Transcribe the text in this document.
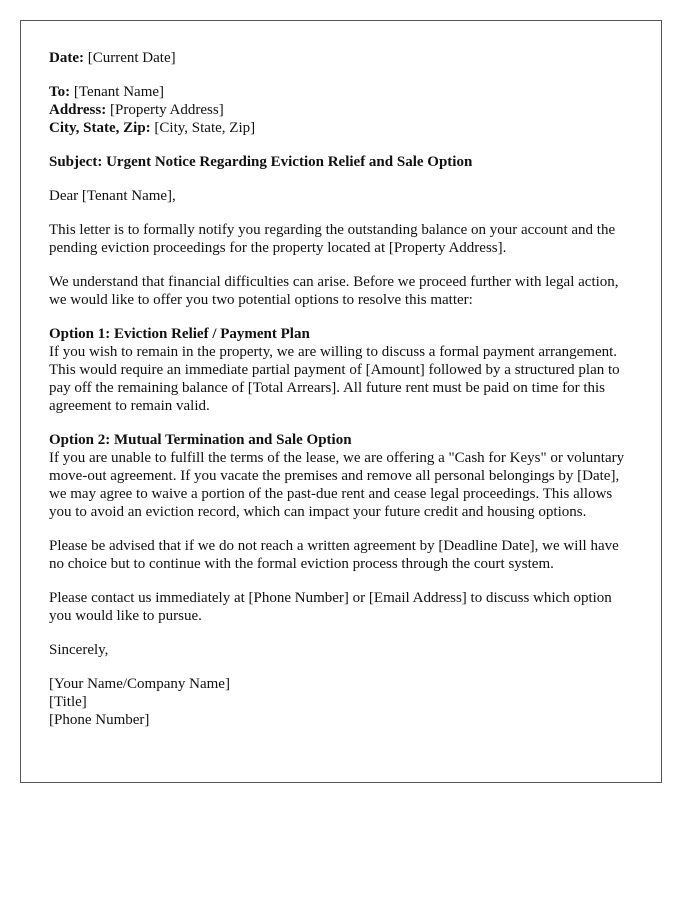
Date: [Current Date]

To: [Tenant Name]
Address: [Property Address]
City, State, Zip: [City, State, Zip]

Subject: Urgent Notice Regarding Eviction Relief and Sale Option

Dear [Tenant Name],

This letter is to formally notify you regarding the outstanding balance on your account and the pending eviction proceedings for the property located at [Property Address].

We understand that financial difficulties can arise. Before we proceed further with legal action, we would like to offer you two potential options to resolve this matter:

Option 1: Eviction Relief / Payment Plan
If you wish to remain in the property, we are willing to discuss a formal payment arrangement. This would require an immediate partial payment of [Amount] followed by a structured plan to pay off the remaining balance of [Total Arrears]. All future rent must be paid on time for this agreement to remain valid.

Option 2: Mutual Termination and Sale Option
If you are unable to fulfill the terms of the lease, we are offering a "Cash for Keys" or voluntary move-out agreement. If you vacate the premises and remove all personal belongings by [Date], we may agree to waive a portion of the past-due rent and cease legal proceedings. This allows you to avoid an eviction record, which can impact your future credit and housing options.

Please be advised that if we do not reach a written agreement by [Deadline Date], we will have no choice but to continue with the formal eviction process through the court system.

Please contact us immediately at [Phone Number] or [Email Address] to discuss which option you would like to pursue.

Sincerely,

[Your Name/Company Name]
[Title]
[Phone Number]
